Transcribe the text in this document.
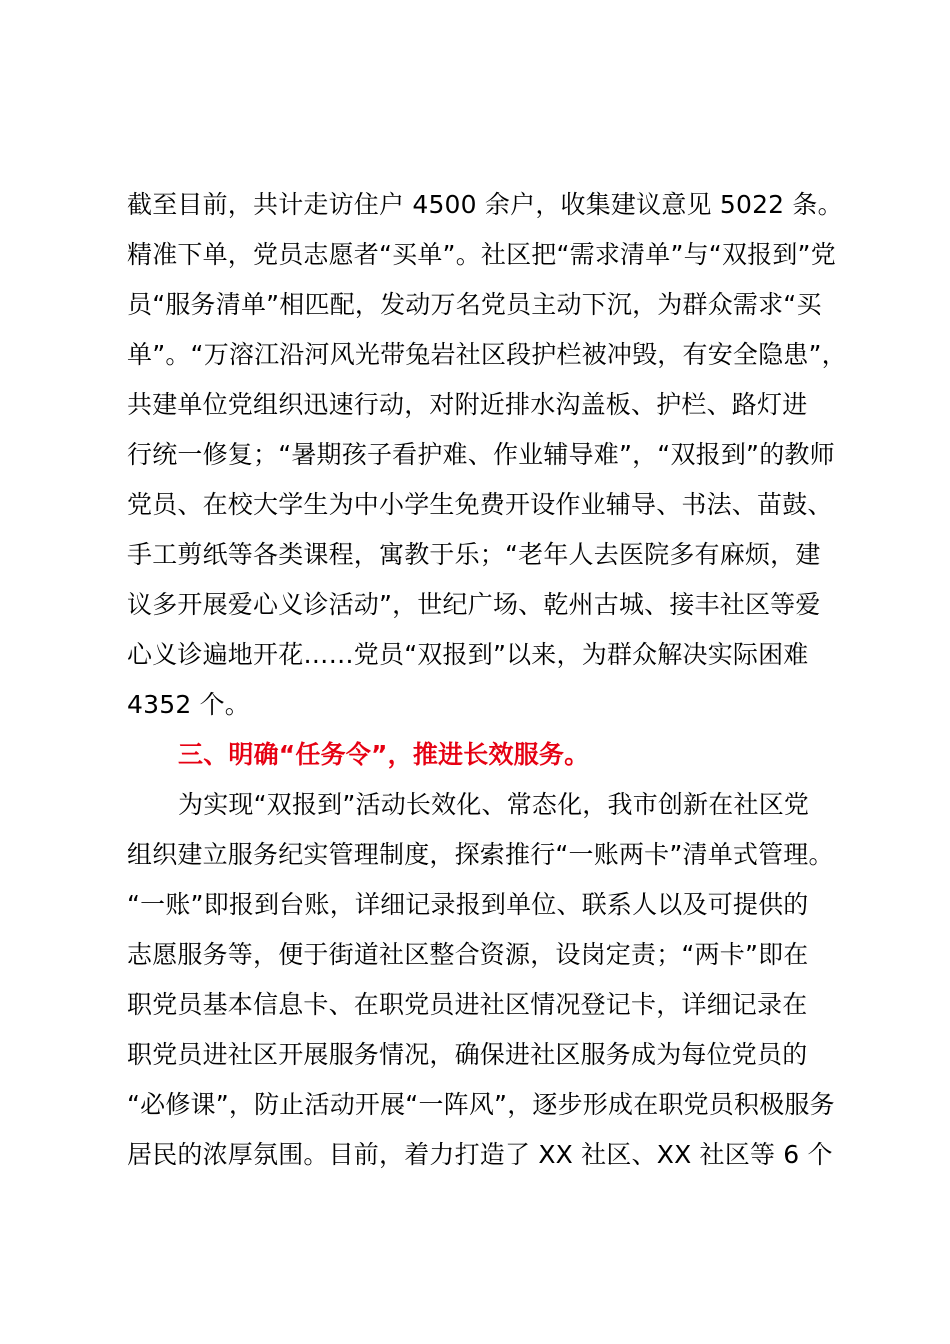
截至目前，共计走访住户 4500 余户，收集建议意见 5022 条。
精准下单，党员志愿者“买单”。社区把“需求清单”与“双报到”党
员“服务清单”相匹配，发动万名党员主动下沉，为群众需求“买
单”。“万溶江沿河风光带兔岩社区段护栏被冲毁，有安全隐患”，
共建单位党组织迅速行动，对附近排水沟盖板、护栏、路灯进
行统一修复；“暑期孩子看护难、作业辅导难”，“双报到”的教师
党员、在校大学生为中小学生免费开设作业辅导、书法、苗鼓、
手工剪纸等各类课程，寓教于乐；“老年人去医院多有麻烦，建
议多开展爱心义诊活动”，世纪广场、乾州古城、接丰社区等爱
心义诊遍地开花……党员“双报到”以来，为群众解决实际困难
4352 个。
三、明确“任务令”，推进长效服务。
为实现“双报到”活动长效化、常态化，我市创新在社区党
组织建立服务纪实管理制度，探索推行“一账两卡”清单式管理。
“一账”即报到台账，详细记录报到单位、联系人以及可提供的
志愿服务等，便于街道社区整合资源，设岗定责；“两卡”即在
职党员基本信息卡、在职党员进社区情况登记卡，详细记录在
职党员进社区开展服务情况，确保进社区服务成为每位党员的
“必修课”，防止活动开展“一阵风”，逐步形成在职党员积极服务
居民的浓厚氛围。目前，着力打造了 XX 社区、XX 社区等 6 个
